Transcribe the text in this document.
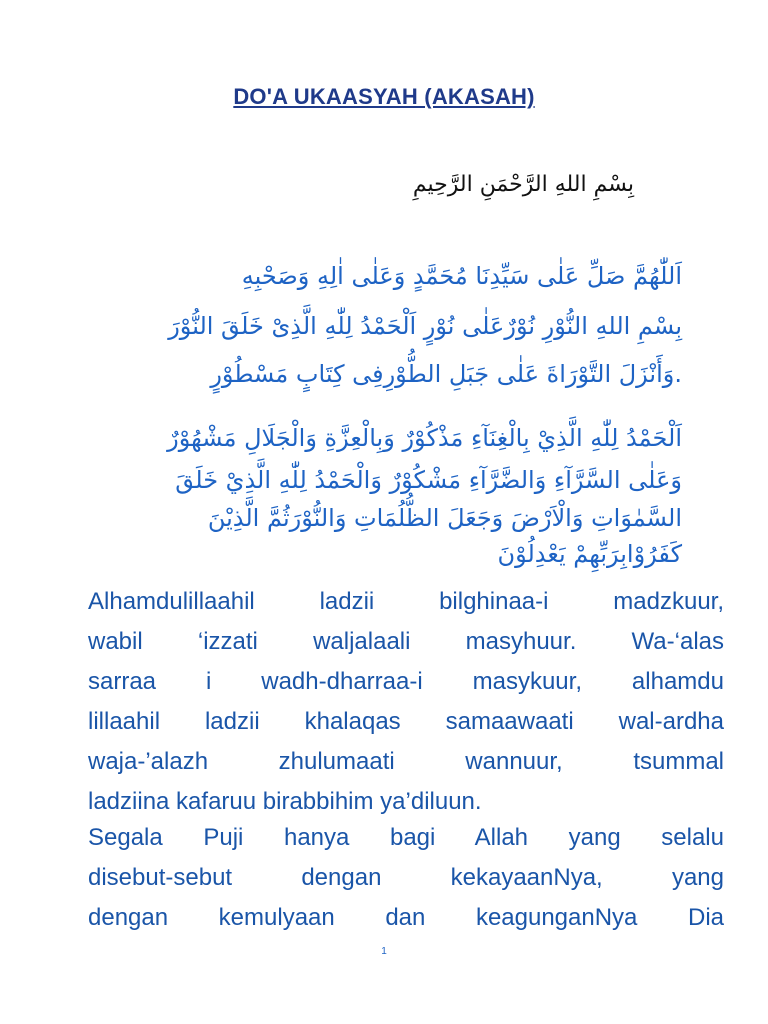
DO'A UKAASYAH (AKASAH)
بِسْمِ اللهِ الرَّحْمَنِ الرَّحِيمِ
اَللّٰهُمَّ صَلِّ عَلٰى سَيِّدِنَا مُحَمَّدٍ وَعَلٰى اٰلِهِ وَصَحْبِهِ
بِسْمِ اللهِ النُّوْرِ نُوْرٌعَلٰى نُوْرٍ اَلْحَمْدُ لِلّٰهِ الَّذِىْ خَلَقَ النُّوْرَ
.وَأَنْزَلَ التَّوْرَاةَ عَلٰى جَبَلِ الطُّوْرِفِى كِتَابٍ مَسْطُوْرٍ
اَلْحَمْدُ لِلّٰهِ الَّذِيْ بِالْغِنَآءِ مَذْكُوْرٌ وَبِالْعِزَّةِ وَالْجَلَالِ مَشْهُوْرٌ
وَعَلٰى السَّرَّآءِ وَالضَّرَّآءِ مَشْكُوْرٌ وَالْحَمْدُ لِلّٰهِ الَّذِيْ خَلَقَ
السَّمٰوَاتِ وَالْاَرْضَ وَجَعَلَ الظُّلُمَاتِ وَالنُّوْرَثُمَّ الَّذِيْنَ
كَفَرُوْابِرَبِّهِمْ يَعْدِلُوْنَ
Alhamdulillaahil ladzii bilghinaa-i madzkuur,
wabil ‘izzati waljalaali masyhuur. Wa-‘alas
sarraa i wadh-dharraa-i masykuur, alhamdu
lillaahil ladzii khalaqas samaawaati wal-ardha
waja-’alazh zhulumaati wannuur, tsummal
ladziina kafaruu birabbihim ya’diluun.
Segala Puji hanya bagi Allah yang selalu
disebut-sebut dengan kekayaanNya, yang
dengan kemulyaan dan keagunganNya Dia
1
